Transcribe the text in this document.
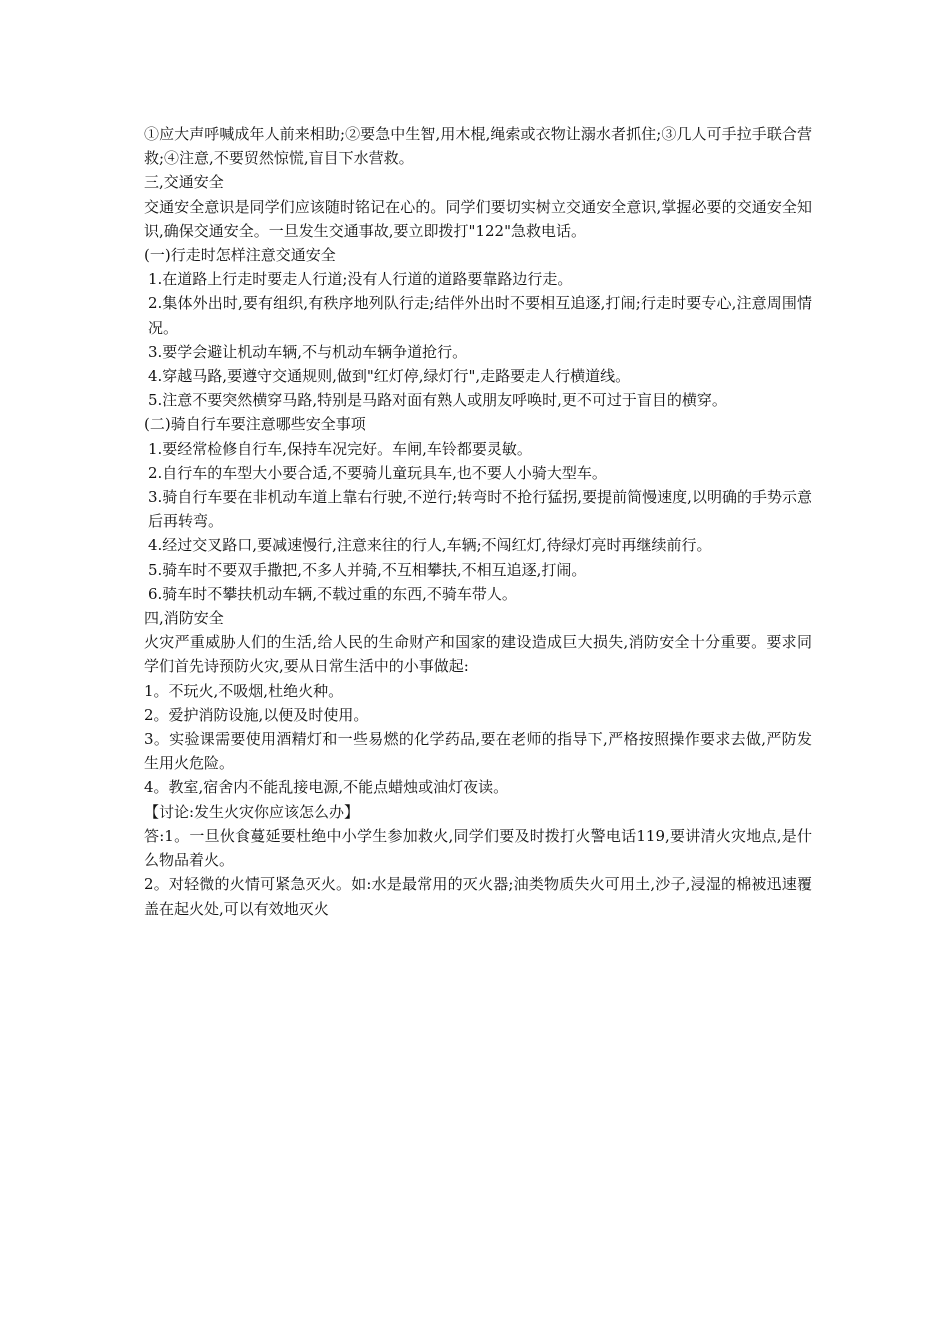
①应大声呼喊成年人前来相助;②要急中生智,用木棍,绳索或衣物让溺水者抓住;③几人可手拉手联合营救;④注意,不要贸然惊慌,盲目下水营救。

三,交通安全

交通安全意识是同学们应该随时铭记在心的。同学们要切实树立交通安全意识,掌握必要的交通安全知识,确保交通安全。一旦发生交通事故,要立即拨打"122"急救电话。

(一)行走时怎样注意交通安全

1.在道路上行走时要走人行道;没有人行道的道路要靠路边行走。

2.集体外出时,要有组织,有秩序地列队行走;结伴外出时不要相互追逐,打闹;行走时要专心,注意周围情况。

3.要学会避让机动车辆,不与机动车辆争道抢行。

4.穿越马路,要遵守交通规则,做到"红灯停,绿灯行",走路要走人行横道线。

5.注意不要突然横穿马路,特别是马路对面有熟人或朋友呼唤时,更不可过于盲目的横穿。

(二)骑自行车要注意哪些安全事项

1.要经常检修自行车,保持车况完好。车闸,车铃都要灵敏。

2.自行车的车型大小要合适,不要骑儿童玩具车,也不要人小骑大型车。

3.骑自行车要在非机动车道上靠右行驶,不逆行;转弯时不抢行猛拐,要提前简慢速度,以明确的手势示意后再转弯。

4.经过交叉路口,要减速慢行,注意来往的行人,车辆;不闯红灯,待绿灯亮时再继续前行。

5.骑车时不要双手撒把,不多人并骑,不互相攀扶,不相互追逐,打闹。

6.骑车时不攀扶机动车辆,不载过重的东西,不骑车带人。

四,消防安全

火灾严重威胁人们的生活,给人民的生命财产和国家的建设造成巨大损失,消防安全十分重要。要求同学们首先诗预防火灾,要从日常生活中的小事做起:

1。不玩火,不吸烟,杜绝火种。

2。爱护消防设施,以便及时使用。

3。实验课需要使用酒精灯和一些易燃的化学药品,要在老师的指导下,严格按照操作要求去做,严防发生用火危险。

4。教室,宿舍内不能乱接电源,不能点蜡烛或油灯夜读。

【讨论:发生火灾你应该怎么办】

答:1。一旦伙食蔓延要杜绝中小学生参加救火,同学们要及时拨打火警电话119,要讲清火灾地点,是什么物品着火。

2。对轻微的火情可紧急灭火。如:水是最常用的灭火器;油类物质失火可用土,沙子,浸湿的棉被迅速覆盖在起火处,可以有效地灭火
